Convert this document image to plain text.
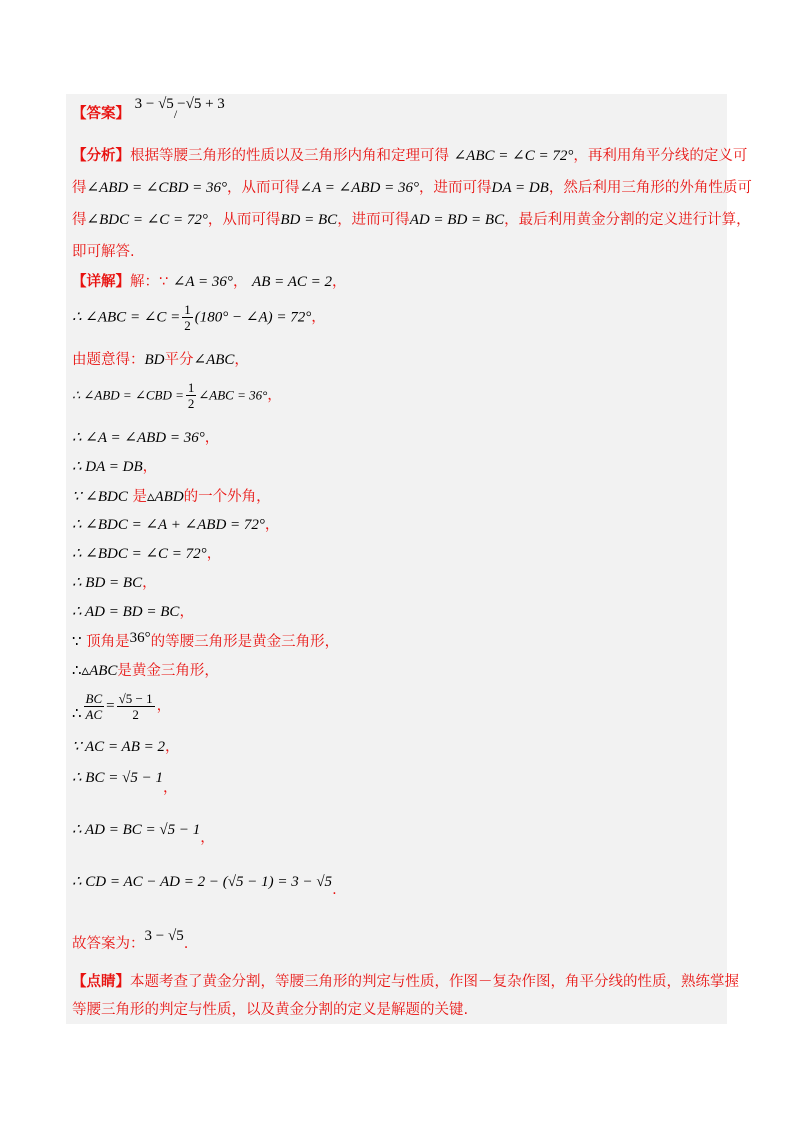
【答案】 3 − √5/−√5 + 3
【分析】根据等腰三角形的性质以及三角形内角和定理可得 ∠ABC = ∠C = 72°，再利用角平分线的定义可
得∠ABD = ∠CBD = 36°，从而可得∠A = ∠ABD = 36°，进而可得DA = DB，然后利用三角形的外角性质可
得∠BDC = ∠C = 72°，从而可得BD = BC，进而可得AD = BD = BC，最后利用黄金分割的定义进行计算，
即可解答.
【详解】解：∵ ∠A = 36°， AB = AC = 2，
∴ ∠ABC = ∠C = $\frac{1}{2} (180^\circ$ − ∠A) = 72°，
由题意得：BD平分∠ABC，
∴ ∠ABD = ∠CBD = $\frac{1}{2}$ ∠ABC = 36°，
∴ ∠A = ∠ABD = 36°，
∴ DA = DB，
∵ ∠BDC 是▵ABD的一个外角，
∴ ∠BDC = ∠A + ∠ABD = 72°，
∴ ∠BDC = ∠C = 72°，
∴ BD = BC，
∴ AD = BD = BC，
∵ 顶角是36°的等腰三角形是黄金三角形，
∴▵ABC是黄金三角形，
∴ $\frac{BC}{AC} = \frac{√5 - 1}{2}$ ，
∵ AC = AB = 2，
∴ BC = √5 − 1，
∴ AD = BC = √5 − 1，
∴ CD = AC − AD = 2 − (√5 − 1) = 3 − √5.
故答案为：3 − √5.
【点睛】本题考查了黄金分割，等腰三角形的判定与性质，作图－复杂作图，角平分线的性质，熟练掌握
等腰三角形的判定与性质，以及黄金分割的定义是解题的关键.
